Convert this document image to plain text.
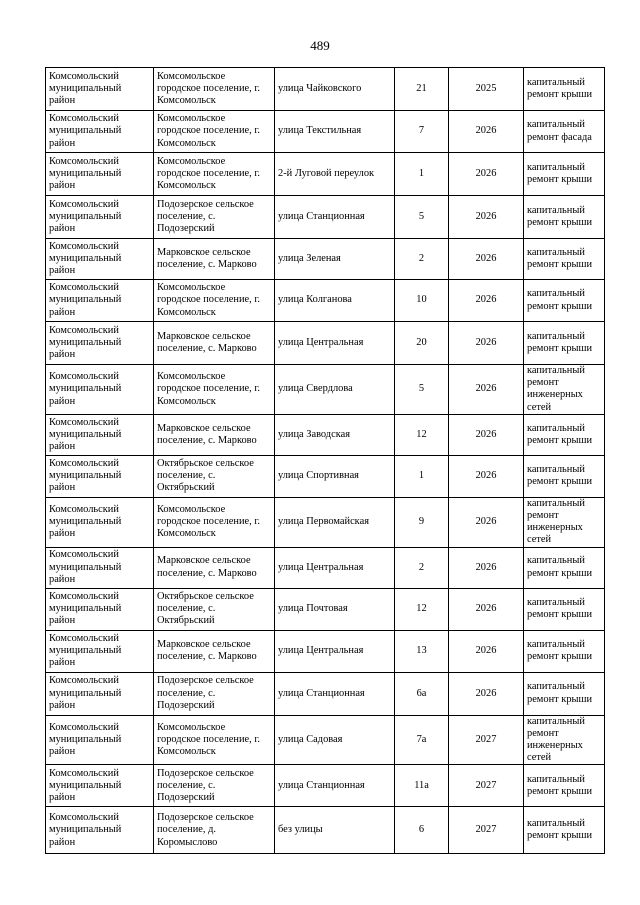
489
Комсомольский муниципальный район	Комсомольское городское поселение, г. Комсомольск	улица Чайковского	21	2025	капитальный ремонт крыши
Комсомольский муниципальный район	Комсомольское городское поселение, г. Комсомольск	улица Текстильная	7	2026	капитальный ремонт фасада
Комсомольский муниципальный район	Комсомольское городское поселение, г. Комсомольск	2-й Луговой переулок	1	2026	капитальный ремонт крыши
Комсомольский муниципальный район	Подозерское сельское поселение, с. Подозерский	улица Станционная	5	2026	капитальный ремонт крыши
Комсомольский муниципальный район	Марковское сельское поселение, с. Марково	улица Зеленая	2	2026	капитальный ремонт крыши
Комсомольский муниципальный район	Комсомольское городское поселение, г. Комсомольск	улица Колганова	10	2026	капитальный ремонт крыши
Комсомольский муниципальный район	Марковское сельское поселение, с. Марково	улица Центральная	20	2026	капитальный ремонт крыши
Комсомольский муниципальный район	Комсомольское городское поселение, г. Комсомольск	улица Свердлова	5	2026	капитальный ремонт инженерных сетей
Комсомольский муниципальный район	Марковское сельское поселение, с. Марково	улица Заводская	12	2026	капитальный ремонт крыши
Комсомольский муниципальный район	Октябрьское сельское поселение, с. Октябрьский	улица Спортивная	1	2026	капитальный ремонт крыши
Комсомольский муниципальный район	Комсомольское городское поселение, г. Комсомольск	улица Первомайская	9	2026	капитальный ремонт инженерных сетей
Комсомольский муниципальный район	Марковское сельское поселение, с. Марково	улица Центральная	2	2026	капитальный ремонт крыши
Комсомольский муниципальный район	Октябрьское сельское поселение, с. Октябрьский	улица Почтовая	12	2026	капитальный ремонт крыши
Комсомольский муниципальный район	Марковское сельское поселение, с. Марково	улица Центральная	13	2026	капитальный ремонт крыши
Комсомольский муниципальный район	Подозерское сельское поселение, с. Подозерский	улица Станционная	6а	2026	капитальный ремонт крыши
Комсомольский муниципальный район	Комсомольское городское поселение, г. Комсомольск	улица Садовая	7а	2027	капитальный ремонт инженерных сетей
Комсомольский муниципальный район	Подозерское сельское поселение, с. Подозерский	улица Станционная	11а	2027	капитальный ремонт крыши
Комсомольский муниципальный район	Подозерское сельское поселение, д. Коромыслово	без улицы	6	2027	капитальный ремонт крыши
